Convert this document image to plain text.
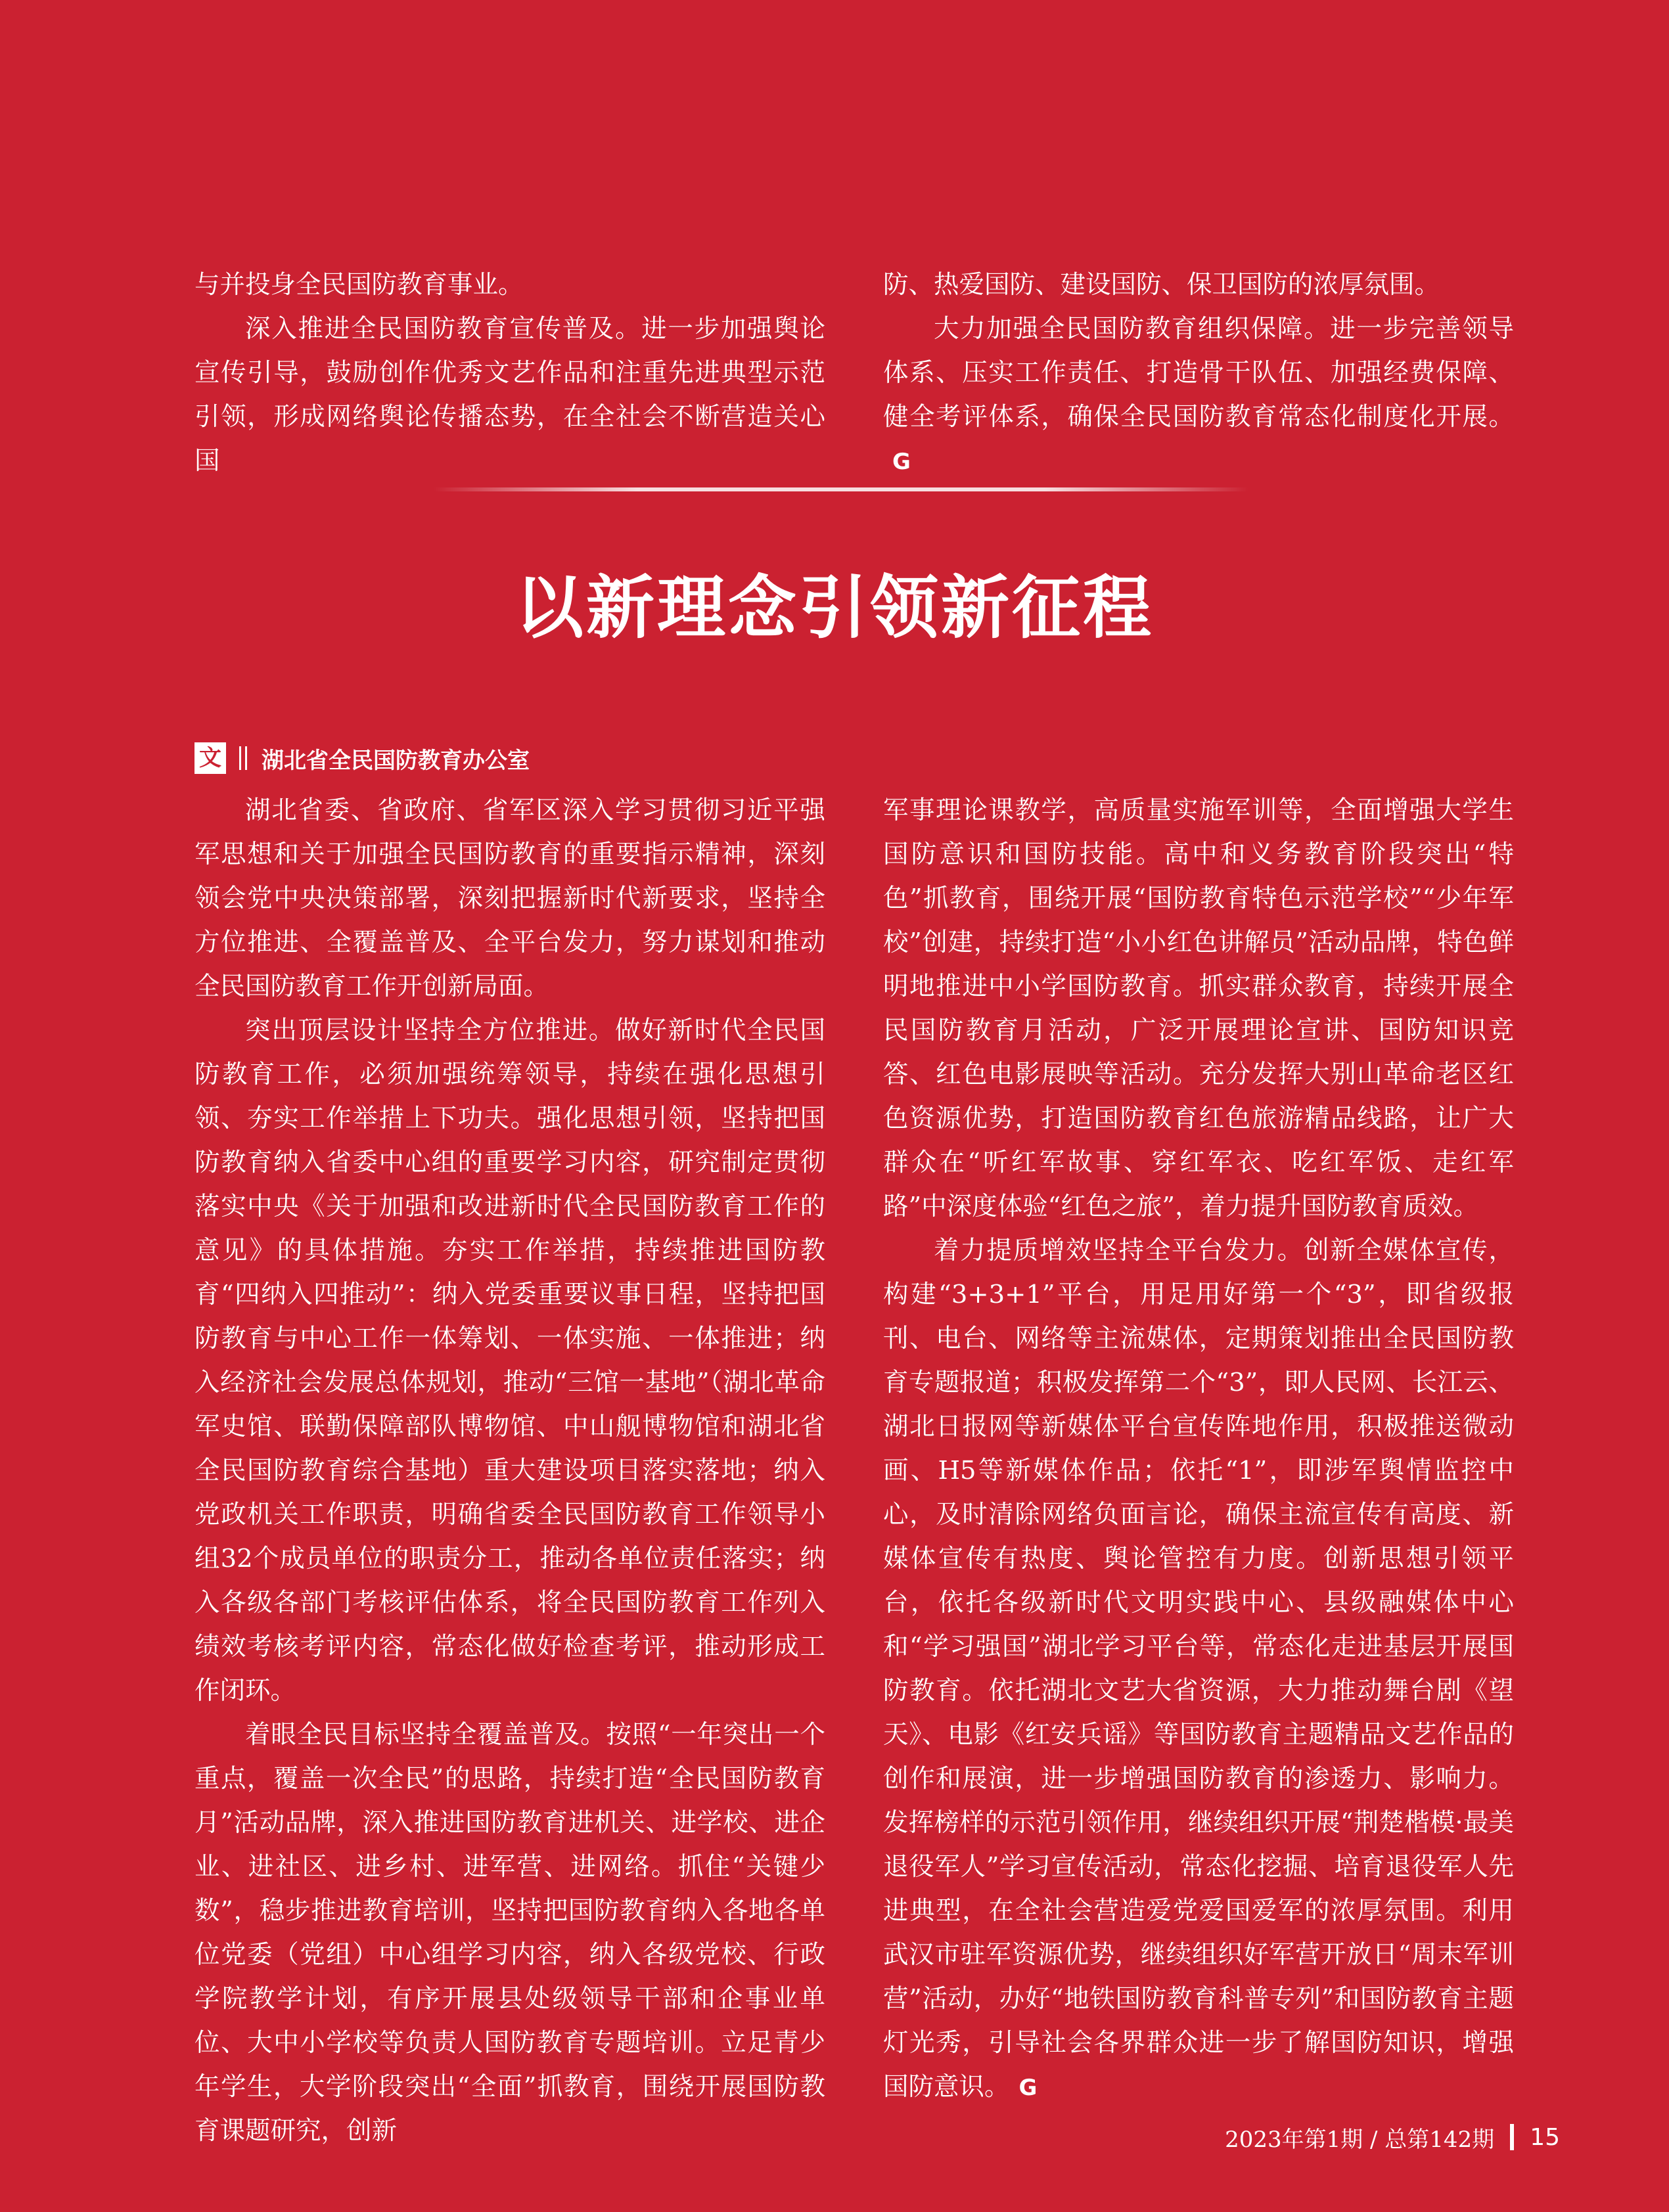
与并投身全民国防教育事业。

深入推进全民国防教育宣传普及。进一步加强舆论宣传引导，鼓励创作优秀文艺作品和注重先进典型示范引领，形成网络舆论传播态势，在全社会不断营造关心国

防、热爱国防、建设国防、保卫国防的浓厚氛围。

大力加强全民国防教育组织保障。进一步完善领导体系、压实工作责任、打造骨干队伍、加强经费保障、健全考评体系，确保全民国防教育常态化制度化开展。G

以新理念引领新征程
文 湖北省全民国防教育办公室

湖北省委、省政府、省军区深入学习贯彻习近平强军思想和关于加强全民国防教育的重要指示精神，深刻领会党中央决策部署，深刻把握新时代新要求，坚持全方位推进、全覆盖普及、全平台发力，努力谋划和推动全民国防教育工作开创新局面。

突出顶层设计坚持全方位推进。做好新时代全民国防教育工作，必须加强统筹领导，持续在强化思想引领、夯实工作举措上下功夫。强化思想引领，坚持把国防教育纳入省委中心组的重要学习内容，研究制定贯彻落实中央《关于加强和改进新时代全民国防教育工作的意见》的具体措施。夯实工作举措，持续推进国防教育“四纳入四推动”：纳入党委重要议事日程，坚持把国防教育与中心工作一体筹划、一体实施、一体推进；纳入经济社会发展总体规划，推动“三馆一基地”（湖北革命军史馆、联勤保障部队博物馆、中山舰博物馆和湖北省全民国防教育综合基地）重大建设项目落实落地；纳入党政机关工作职责，明确省委全民国防教育工作领导小组32个成员单位的职责分工，推动各单位责任落实；纳入各级各部门考核评估体系，将全民国防教育工作列入绩效考核考评内容，常态化做好检查考评，推动形成工作闭环。

着眼全民目标坚持全覆盖普及。按照“一年突出一个重点，覆盖一次全民”的思路，持续打造“全民国防教育月”活动品牌，深入推进国防教育进机关、进学校、进企业、进社区、进乡村、进军营、进网络。抓住“关键少数”，稳步推进教育培训，坚持把国防教育纳入各地各单位党委（党组）中心组学习内容，纳入各级党校、行政学院教学计划，有序开展县处级领导干部和企事业单位、大中小学校等负责人国防教育专题培训。立足青少年学生，大学阶段突出“全面”抓教育，围绕开展国防教育课题研究，创新

军事理论课教学，高质量实施军训等，全面增强大学生国防意识和国防技能。高中和义务教育阶段突出“特色”抓教育，围绕开展“国防教育特色示范学校”“少年军校”创建，持续打造“小小红色讲解员”活动品牌，特色鲜明地推进中小学国防教育。抓实群众教育，持续开展全民国防教育月活动，广泛开展理论宣讲、国防知识竞答、红色电影展映等活动。充分发挥大别山革命老区红色资源优势，打造国防教育红色旅游精品线路，让广大群众在“听红军故事、穿红军衣、吃红军饭、走红军路”中深度体验“红色之旅”，着力提升国防教育质效。

着力提质增效坚持全平台发力。创新全媒体宣传，构建“3+3+1”平台，用足用好第一个“3”，即省级报刊、电台、网络等主流媒体，定期策划推出全民国防教育专题报道；积极发挥第二个“3”，即人民网、长江云、湖北日报网等新媒体平台宣传阵地作用，积极推送微动画、H5等新媒体作品；依托“1”，即涉军舆情监控中心，及时清除网络负面言论，确保主流宣传有高度、新媒体宣传有热度、舆论管控有力度。创新思想引领平台，依托各级新时代文明实践中心、县级融媒体中心和“学习强国”湖北学习平台等，常态化走进基层开展国防教育。依托湖北文艺大省资源，大力推动舞台剧《望天》、电影《红安兵谣》等国防教育主题精品文艺作品的创作和展演，进一步增强国防教育的渗透力、影响力。发挥榜样的示范引领作用，继续组织开展“荆楚楷模·最美退役军人”学习宣传活动，常态化挖掘、培育退役军人先进典型，在全社会营造爱党爱国爱军的浓厚氛围。利用武汉市驻军资源优势，继续组织好军营开放日“周末军训营”活动，办好“地铁国防教育科普专列”和国防教育主题灯光秀，引导社会各界群众进一步了解国防知识，增强国防意识。 G

2023年第1期 / 总第142期 15
